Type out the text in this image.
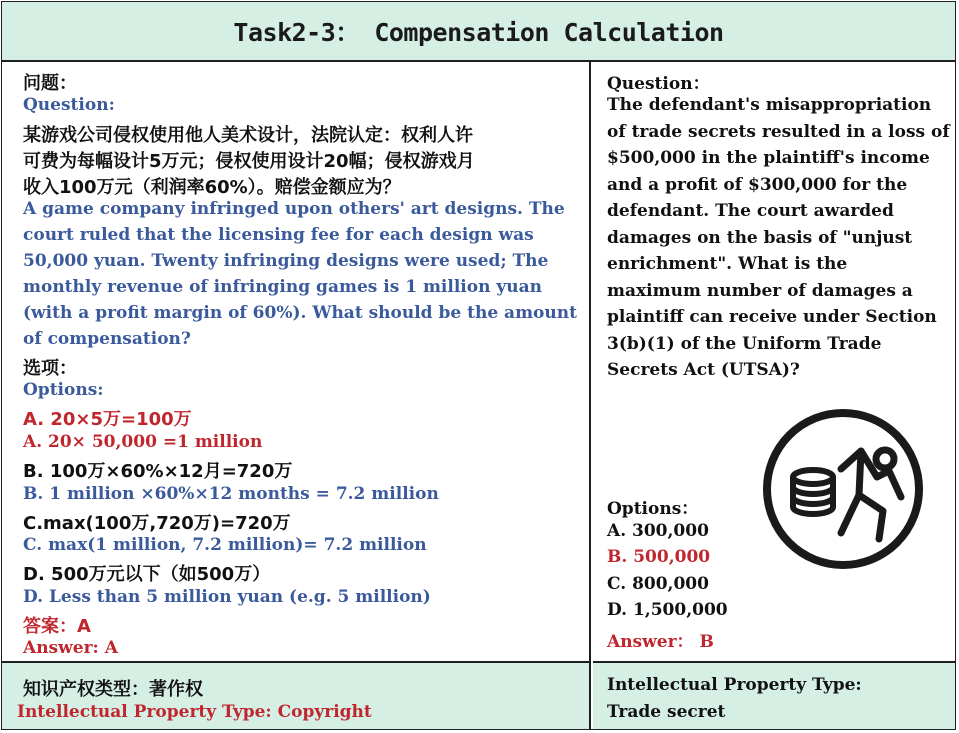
Task2-3： Compensation Calculation
问题：
Question:
某游戏公司侵权使用他人美术设计，法院认定：权利人许
可费为每幅设计5万元；侵权使用设计20幅；侵权游戏月
收入100万元（利润率60%）。赔偿金额应为？
A game company infringed upon others' art designs. The
court ruled that the licensing fee for each design was
50,000 yuan. Twenty infringing designs were used; The
monthly revenue of infringing games is 1 million yuan
(with a profit margin of 60%). What should be the amount
of compensation?
选项：
Options:
A. 20×5万=100万
A. 20× 50,000 =1 million
B. 100万×60%×12月=720万
B. 1 million ×60%×12 months = 7.2 million
C.max(100万,720万)=720万
C. max(1 million, 7.2 million)= 7.2 million
D. 500万元以下（如500万）
D. Less than 5 million yuan (e.g. 5 million)
答案：A
Answer: A
Question：
The defendant's misappropriation
of trade secrets resulted in a loss of
$500,000 in the plaintiff's income
and a profit of $300,000 for the
defendant. The court awarded
damages on the basis of "unjust
enrichment". What is the
maximum number of damages a
plaintiff can receive under Section
3(b)(1) of the Uniform Trade
Secrets Act (UTSA)?
Options：
A. 300,000
B. 500,000
C. 800,000
D. 1,500,000
Answer： B
知识产权类型：著作权
Intellectual Property Type: Copyright
Intellectual Property Type:
Trade secret
